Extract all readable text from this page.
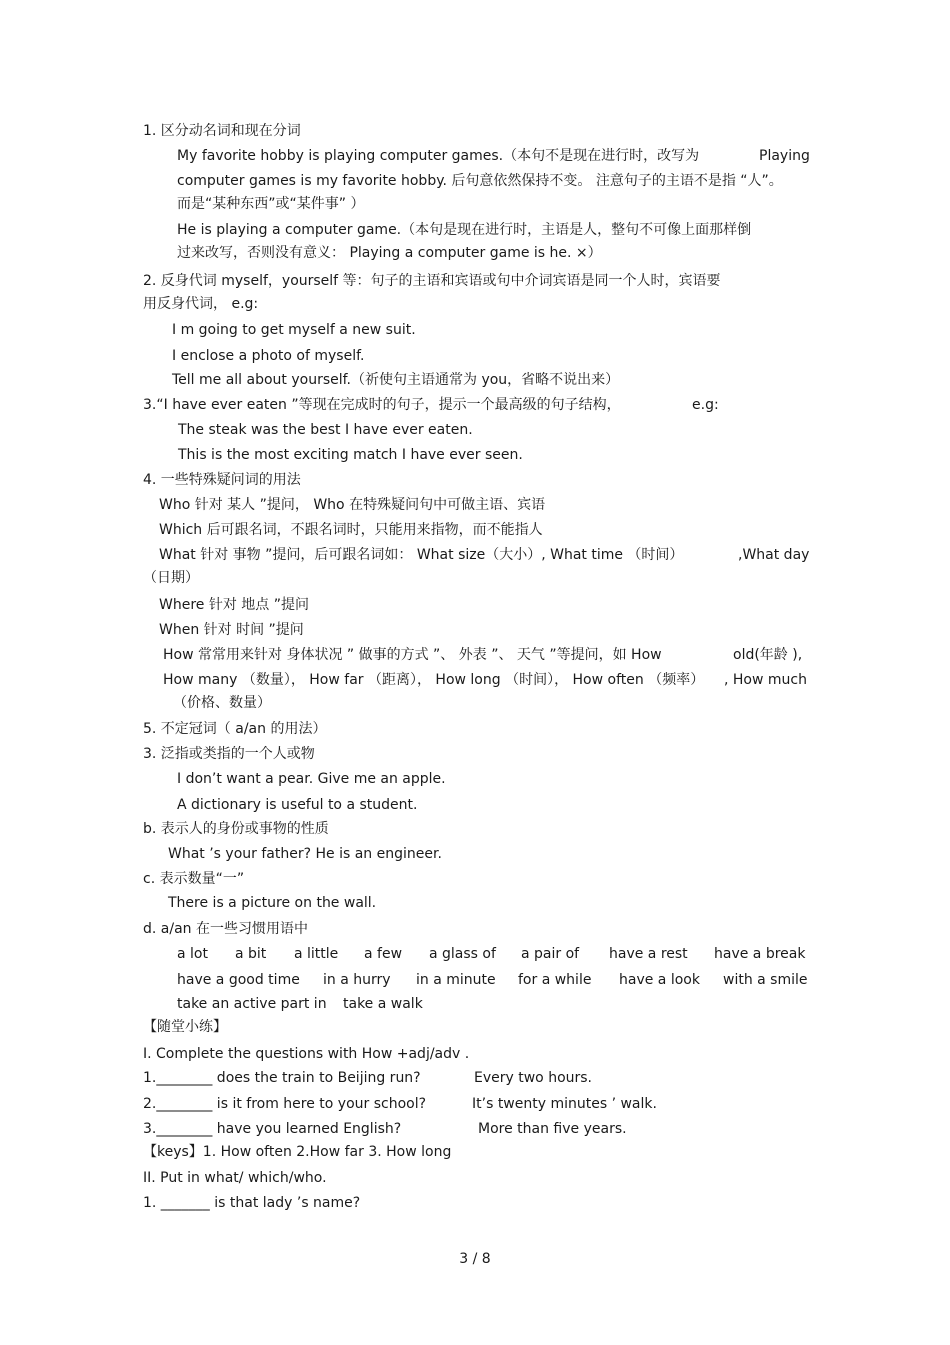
1. 区分动名词和现在分词
My favorite hobby is playing computer games.（本句不是现在进行时，改写为	Playing
computer games is my favorite hobby. 后句意依然保持不变。 注意句子的主语不是指 “人”。
而是“某种东西”或“某件事” ）
He is playing a computer game.（本句是现在进行时，主语是人，整句不可像上面那样倒
过来改写，否则没有意义： Playing a computer game is he. ×）
2. 反身代词 myself，yourself 等：句子的主语和宾语或句中介词宾语是同一个人时，宾语要
用反身代词， e.g:
I m going to get myself a new suit.
I enclose a photo of myself.
Tell me all about yourself.（祈使句主语通常为 you，省略不说出来）
3.“I have ever eaten ”等现在完成时的句子，提示一个最高级的句子结构，	e.g:
The steak was the best I have ever eaten.
This is the most exciting match I have ever seen.
4. 一些特殊疑问词的用法
Who 针对 某人 ”提问， Who 在特殊疑问句中可做主语、宾语
Which 后可跟名词，不跟名词时，只能用来指物，而不能指人
What 针对 事物 ”提问，后可跟名词如： What size（大小）, What time （时间）	,What day
（日期）
Where 针对 地点 ”提问
When 针对 时间 ”提问
How 常常用来针对 身体状况 ” 做事的方式 ”、 外表 ”、 天气 ”等提问，如 How	old(年龄 ),
How many （数量）， How far （距离）， How long （时间）， How often （频率） , How much
（价格、数量）
5. 不定冠词（ a/an 的用法）
3. 泛指或类指的一个人或物
I don’t want a pear. Give me an apple.
A dictionary is useful to a student.
b. 表示人的身份或事物的性质
What ’s your father? He is an engineer.
c. 表示数量“一”
There is a picture on the wall.
d. a/an 在一些习惯用语中
a lot a bit a little a few a glass of a pair of have a rest have a break
have a good time in a hurry in a minute for a while have a look with a smile
take an active part in take a walk
【随堂小练】
I. Complete the questions with How +adj/adv .
1.________ does the train to Beijing run?	Every two hours.
2.________ is it from here to your school?	It’s twenty minutes ’ walk.
3.________ have you learned English?	More than five years.
【keys】1. How often 2.How far 3. How long
II. Put in what/ which/who.
1. _______ is that lady ’s name?
3 / 8
